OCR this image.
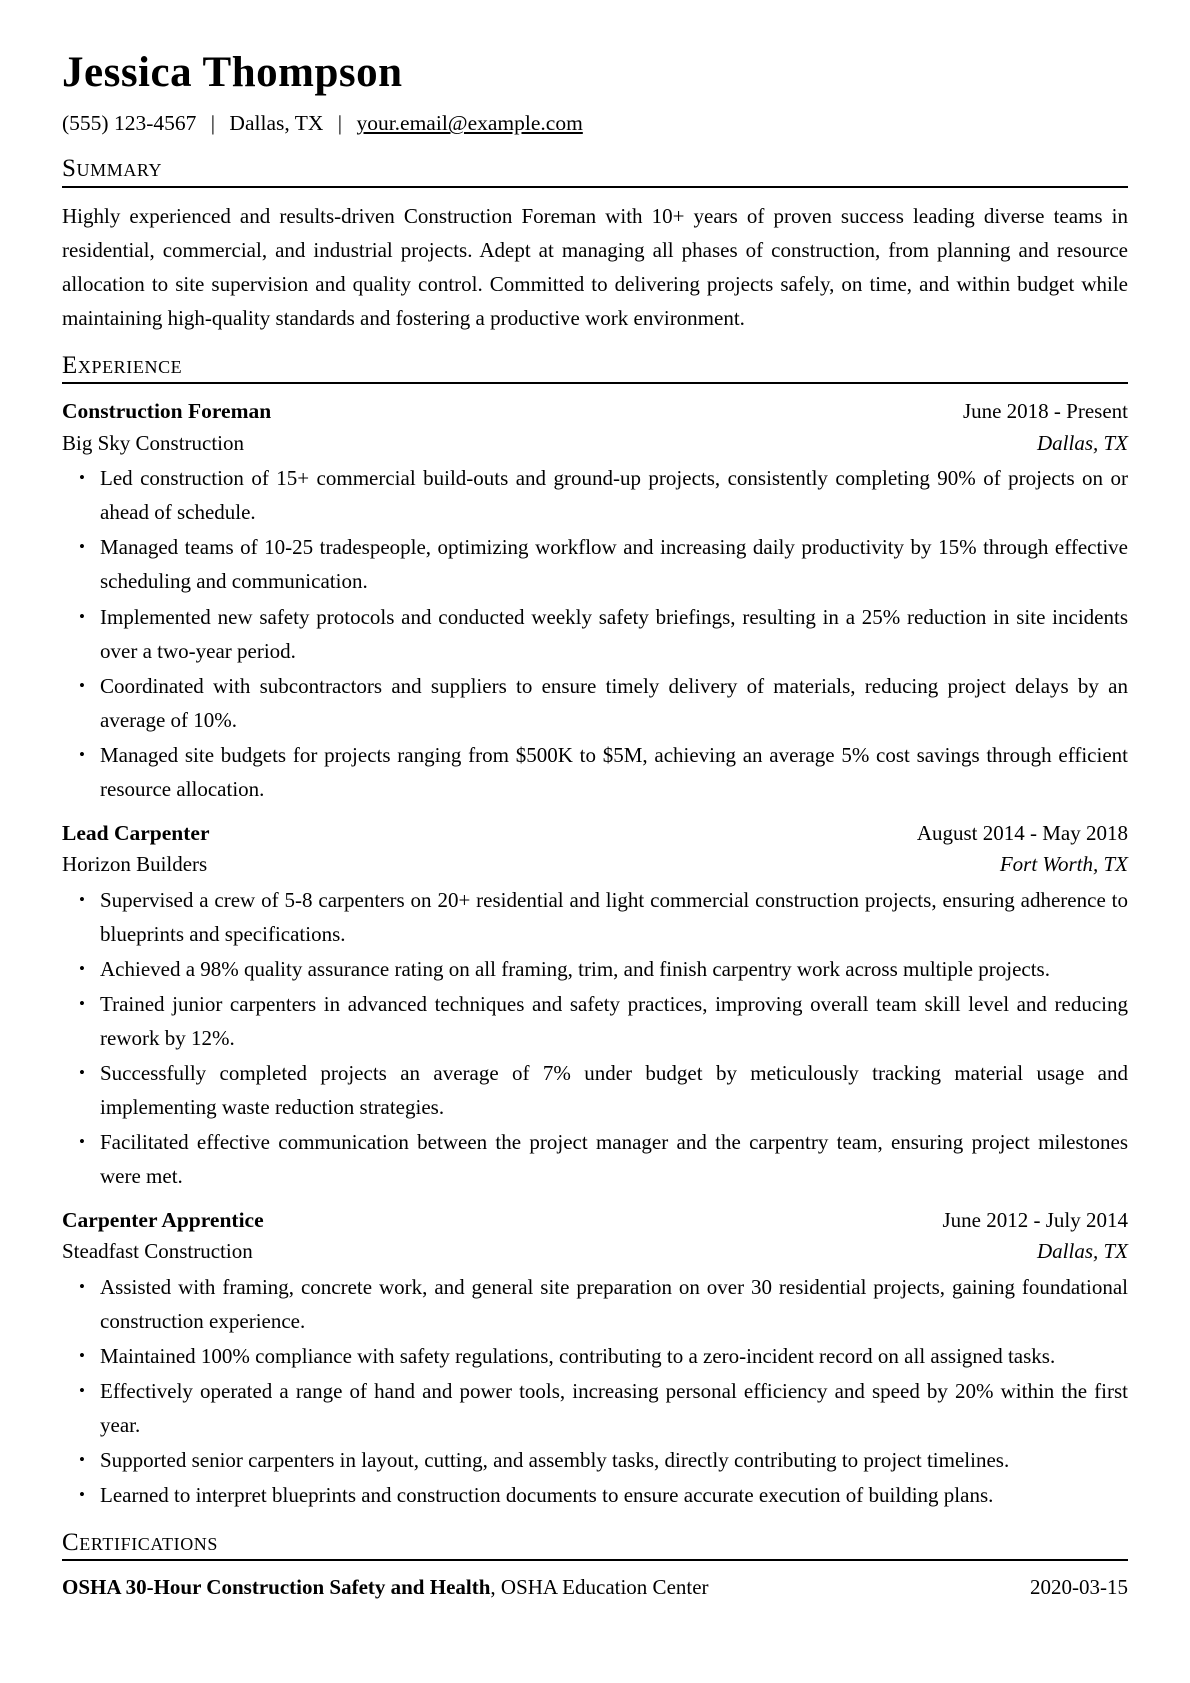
Jessica Thompson
(555) 123-4567 | Dallas, TX | your.email@example.com
Summary

Highly experienced and results-driven Construction Foreman with 10+ years of proven success leading diverse teams in residential, commercial, and industrial projects. Adept at managing all phases of construction, from planning and resource allocation to site supervision and quality control. Committed to delivering projects safely, on time, and within budget while maintaining high-quality standards and fostering a productive work environment.

Experience
Construction Foreman	June 2018 - Present
Big Sky Construction	Dallas, TX
• Led construction of 15+ commercial build-outs and ground-up projects, consistently completing 90% of projects on or ahead of schedule.
• Managed teams of 10-25 tradespeople, optimizing workflow and increasing daily productivity by 15% through effective scheduling and communication.
• Implemented new safety protocols and conducted weekly safety briefings, resulting in a 25% reduction in site incidents over a two-year period.
• Coordinated with subcontractors and suppliers to ensure timely delivery of materials, reducing project delays by an average of 10%.
• Managed site budgets for projects ranging from $500K to $5M, achieving an average 5% cost savings through efficient resource allocation.
Lead Carpenter	August 2014 - May 2018
Horizon Builders	Fort Worth, TX
• Supervised a crew of 5-8 carpenters on 20+ residential and light commercial construction projects, ensuring adherence to blueprints and specifications.
• Achieved a 98% quality assurance rating on all framing, trim, and finish carpentry work across multiple projects.
• Trained junior carpenters in advanced techniques and safety practices, improving overall team skill level and reducing rework by 12%.
• Successfully completed projects an average of 7% under budget by meticulously tracking material usage and implementing waste reduction strategies.
• Facilitated effective communication between the project manager and the carpentry team, ensuring project milestones were met.
Carpenter Apprentice	June 2012 - July 2014
Steadfast Construction	Dallas, TX
• Assisted with framing, concrete work, and general site preparation on over 30 residential projects, gaining foundational construction experience.
• Maintained 100% compliance with safety regulations, contributing to a zero-incident record on all assigned tasks.
• Effectively operated a range of hand and power tools, increasing personal efficiency and speed by 20% within the first year.
• Supported senior carpenters in layout, cutting, and assembly tasks, directly contributing to project timelines.
• Learned to interpret blueprints and construction documents to ensure accurate execution of building plans.
Certifications
OSHA 30-Hour Construction Safety and Health, OSHA Education Center	2020-03-15
